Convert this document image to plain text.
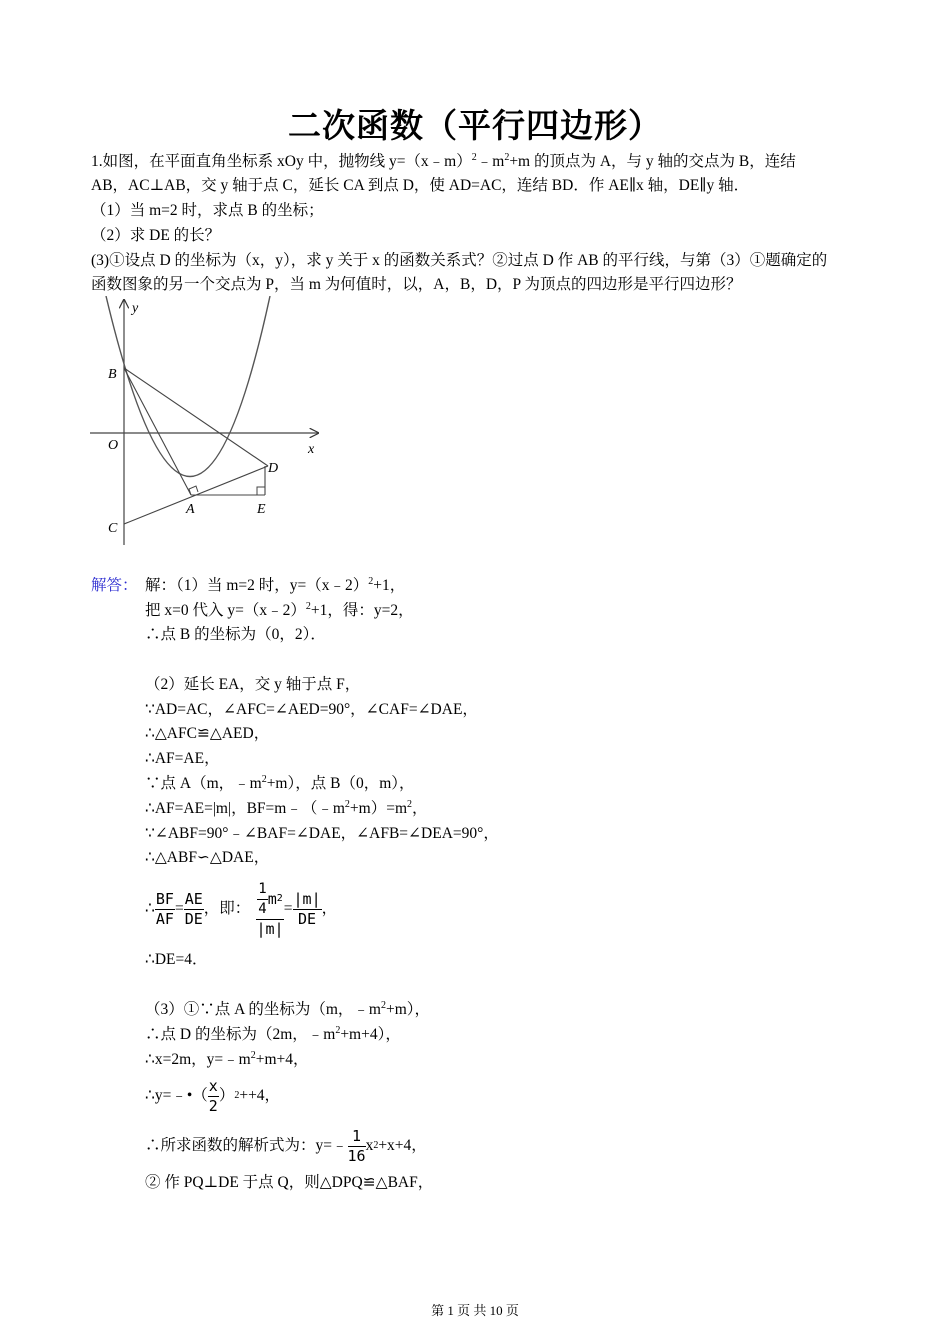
二次函数（平行四边形）
1.如图，在平面直角坐标系 xOy 中，抛物线 $y=(x﹣m)^2﹣m^2+m$ 的顶点为 A，与 y 轴的交点为 B，连结
AB，AC⊥AB，交 y 轴于点 C，延长 CA 到点 D，使 AD=AC，连结 BD．作 AE∥x 轴，DE∥y 轴．
（1）当 m=2 时，求点 B 的坐标；
（2）求 DE 的长？
(3)①设点 D 的坐标为（x，y），求 y 关于 x 的函数关系式？②过点 D 作 AB 的平行线，与第（3）①题确定的
函数图象的另一个交点为 P，当 m 为何值时，以，A，B，D，P 为顶点的四边形是平行四边形？
y
x
O
B
C
A	E
D
解答： 解：（1）当 m=2 时，y=（x﹣2）$^2$+1，
把 x=0 代入 y=（x﹣2）$^2$+1，得：y=2，
∴点 B 的坐标为（0，2）．
（2）延长 EA，交 y 轴于点 F，
∵AD=AC，∠AFC=∠AED=90°，∠CAF=∠DAE，
∴△AFC≌△AED，
∴AF=AE，
∵点 A（m，$﹣m^2+m$），点 B（0，m），
∴AF=AE=|m|，$BF=m﹣(﹣m^2+m)=m^2$，
∵∠ABF=90°﹣∠BAF=∠DAE，∠AFB=∠DEA=90°，
∴△ABF∽△DAE，
∴ $\frac{BF}{AF} = \frac{AE}{DE}$ ，即： $\frac{\frac{1}{4} m 2}{|m|} = \frac{|m|}{DE}$ ，
∴DE=4．
（3）①∵点 A 的坐标为（m，$﹣m^2+m$），
∴点 D 的坐标为（2m，$﹣m^2+m+4$），
∴x=2m，$y=﹣m^2+m+4$，
∴y=﹣•（ $\frac{x}{2}$ ） 2 ++4，
∴所求函数的解析式为：y=﹣ $\frac{1}{16}$ x 2 +x+4，
② 作 PQ⊥DE 于点 Q，则△DPQ≌△BAF，
第 1 页 共 10 页
